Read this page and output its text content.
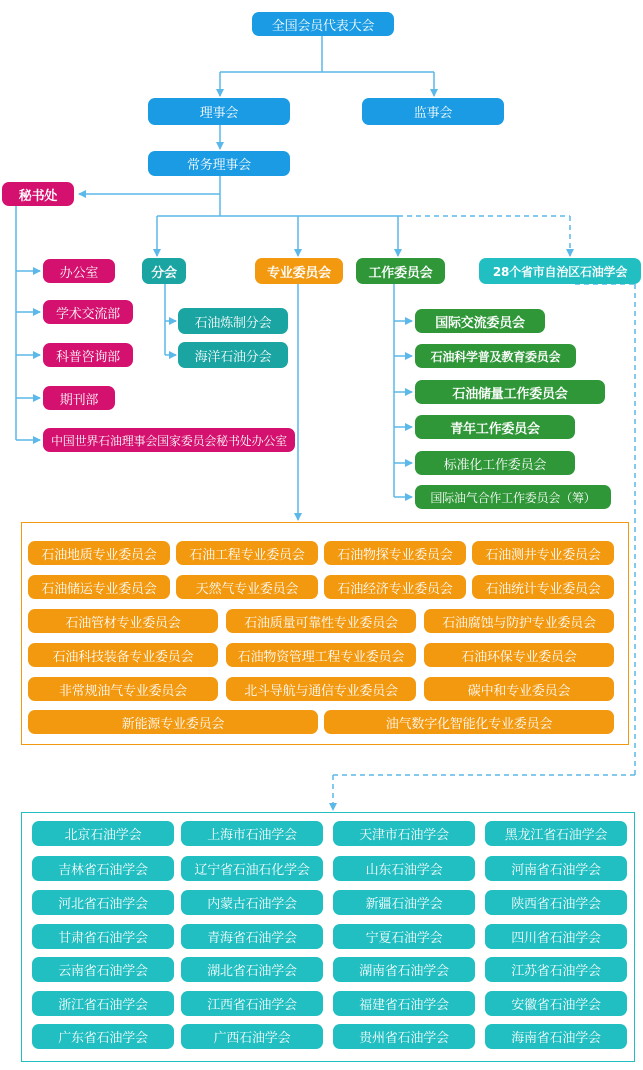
全国会员代表大会
理事会	监事会
常务理事会
秘书处
办公室
学术交流部
科普咨询部
期刊部
中国世界石油理事会国家委员会秘书处办公室
分会	专业委员会	工作委员会	28个省市自治区石油学会
石油炼制分会
海洋石油分会
国际交流委员会
石油科学普及教育委员会
石油储量工作委员会
青年工作委员会
标准化工作委员会
国际油气合作工作委员会（筹）
石油地质专业委员会	石油工程专业委员会	石油物探专业委员会	石油测井专业委员会
石油储运专业委员会	天然气专业委员会	石油经济专业委员会	石油统计专业委员会
石油管材专业委员会	石油质量可靠性专业委员会	石油腐蚀与防护专业委员会
石油科技装备专业委员会	石油物资管理工程专业委员会	石油环保专业委员会
非常规油气专业委员会	北斗导航与通信专业委员会	碳中和专业委员会
新能源专业委员会	油气数字化智能化专业委员会
北京石油学会	上海市石油学会	天津市石油学会	黑龙江省石油学会
吉林省石油学会	辽宁省石油石化学会	山东石油学会	河南省石油学会
河北省石油学会	内蒙古石油学会	新疆石油学会	陕西省石油学会
甘肃省石油学会	青海省石油学会	宁夏石油学会	四川省石油学会
云南省石油学会	湖北省石油学会	湖南省石油学会	江苏省石油学会
浙江省石油学会	江西省石油学会	福建省石油学会	安徽省石油学会
广东省石油学会	广西石油学会	贵州省石油学会	海南省石油学会
